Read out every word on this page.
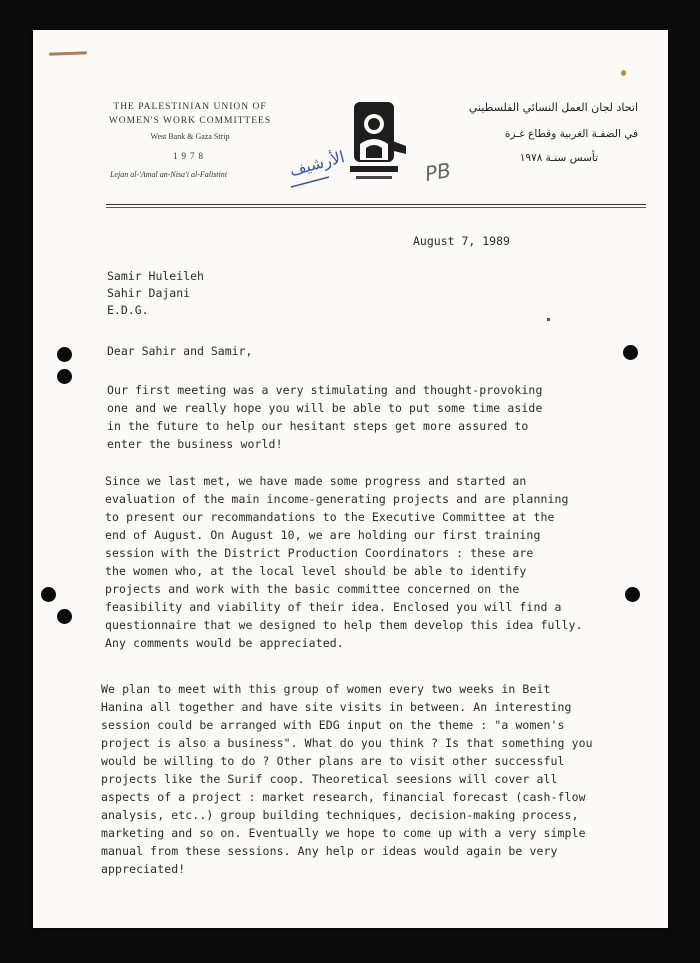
THE PALESTINIAN UNION OF
WOMEN'S WORK COMMITTEES
West Bank & Gaza Strip
1978
Lejan al-'Amal an-Nisa'i al-Falistini
اتحاد لجان العمل النسائي الفلسطيني
في الضفـة الغربية وقطاع غـزة
تأسس سنـة ١٩٧٨
الأرشيف	PB
August 7, 1989
Samir Huleileh
Sahir Dajani
E.D.G.
Dear Sahir and Samir,
Our first meeting was a very stimulating and thought-provoking
one and we really hope you will be able to put some time aside
in the future to help our hesitant steps get more assured to
enter the business world!
Since we last met, we have made some progress and started an
evaluation of the main income-generating projects and are planning
to present our recommandations to the Executive Committee at the
end of August. On August 10, we are holding our first training
session with the District Production Coordinators : these are
the women who, at the local level should be able to identify
projects and work with the basic committee concerned on the
feasibility and viability of their idea. Enclosed you will find a
questionnaire that we designed to help them develop this idea fully.
Any comments would be appreciated.
We plan to meet with this group of women every two weeks in Beit
Hanina all together and have site visits in between. An interesting
session could be arranged with EDG input on the theme : "a women's
project is also a business". What do you think ? Is that something you
would be willing to do ? Other plans are to visit other successful
projects like the Surif coop. Theoretical seesions will cover all
aspects of a project : market research, financial forecast (cash-flow
analysis, etc..) group building techniques, decision-making process,
marketing and so on. Eventually we hope to come up with a very simple
manual from these sessions. Any help or ideas would again be very
appreciated!
